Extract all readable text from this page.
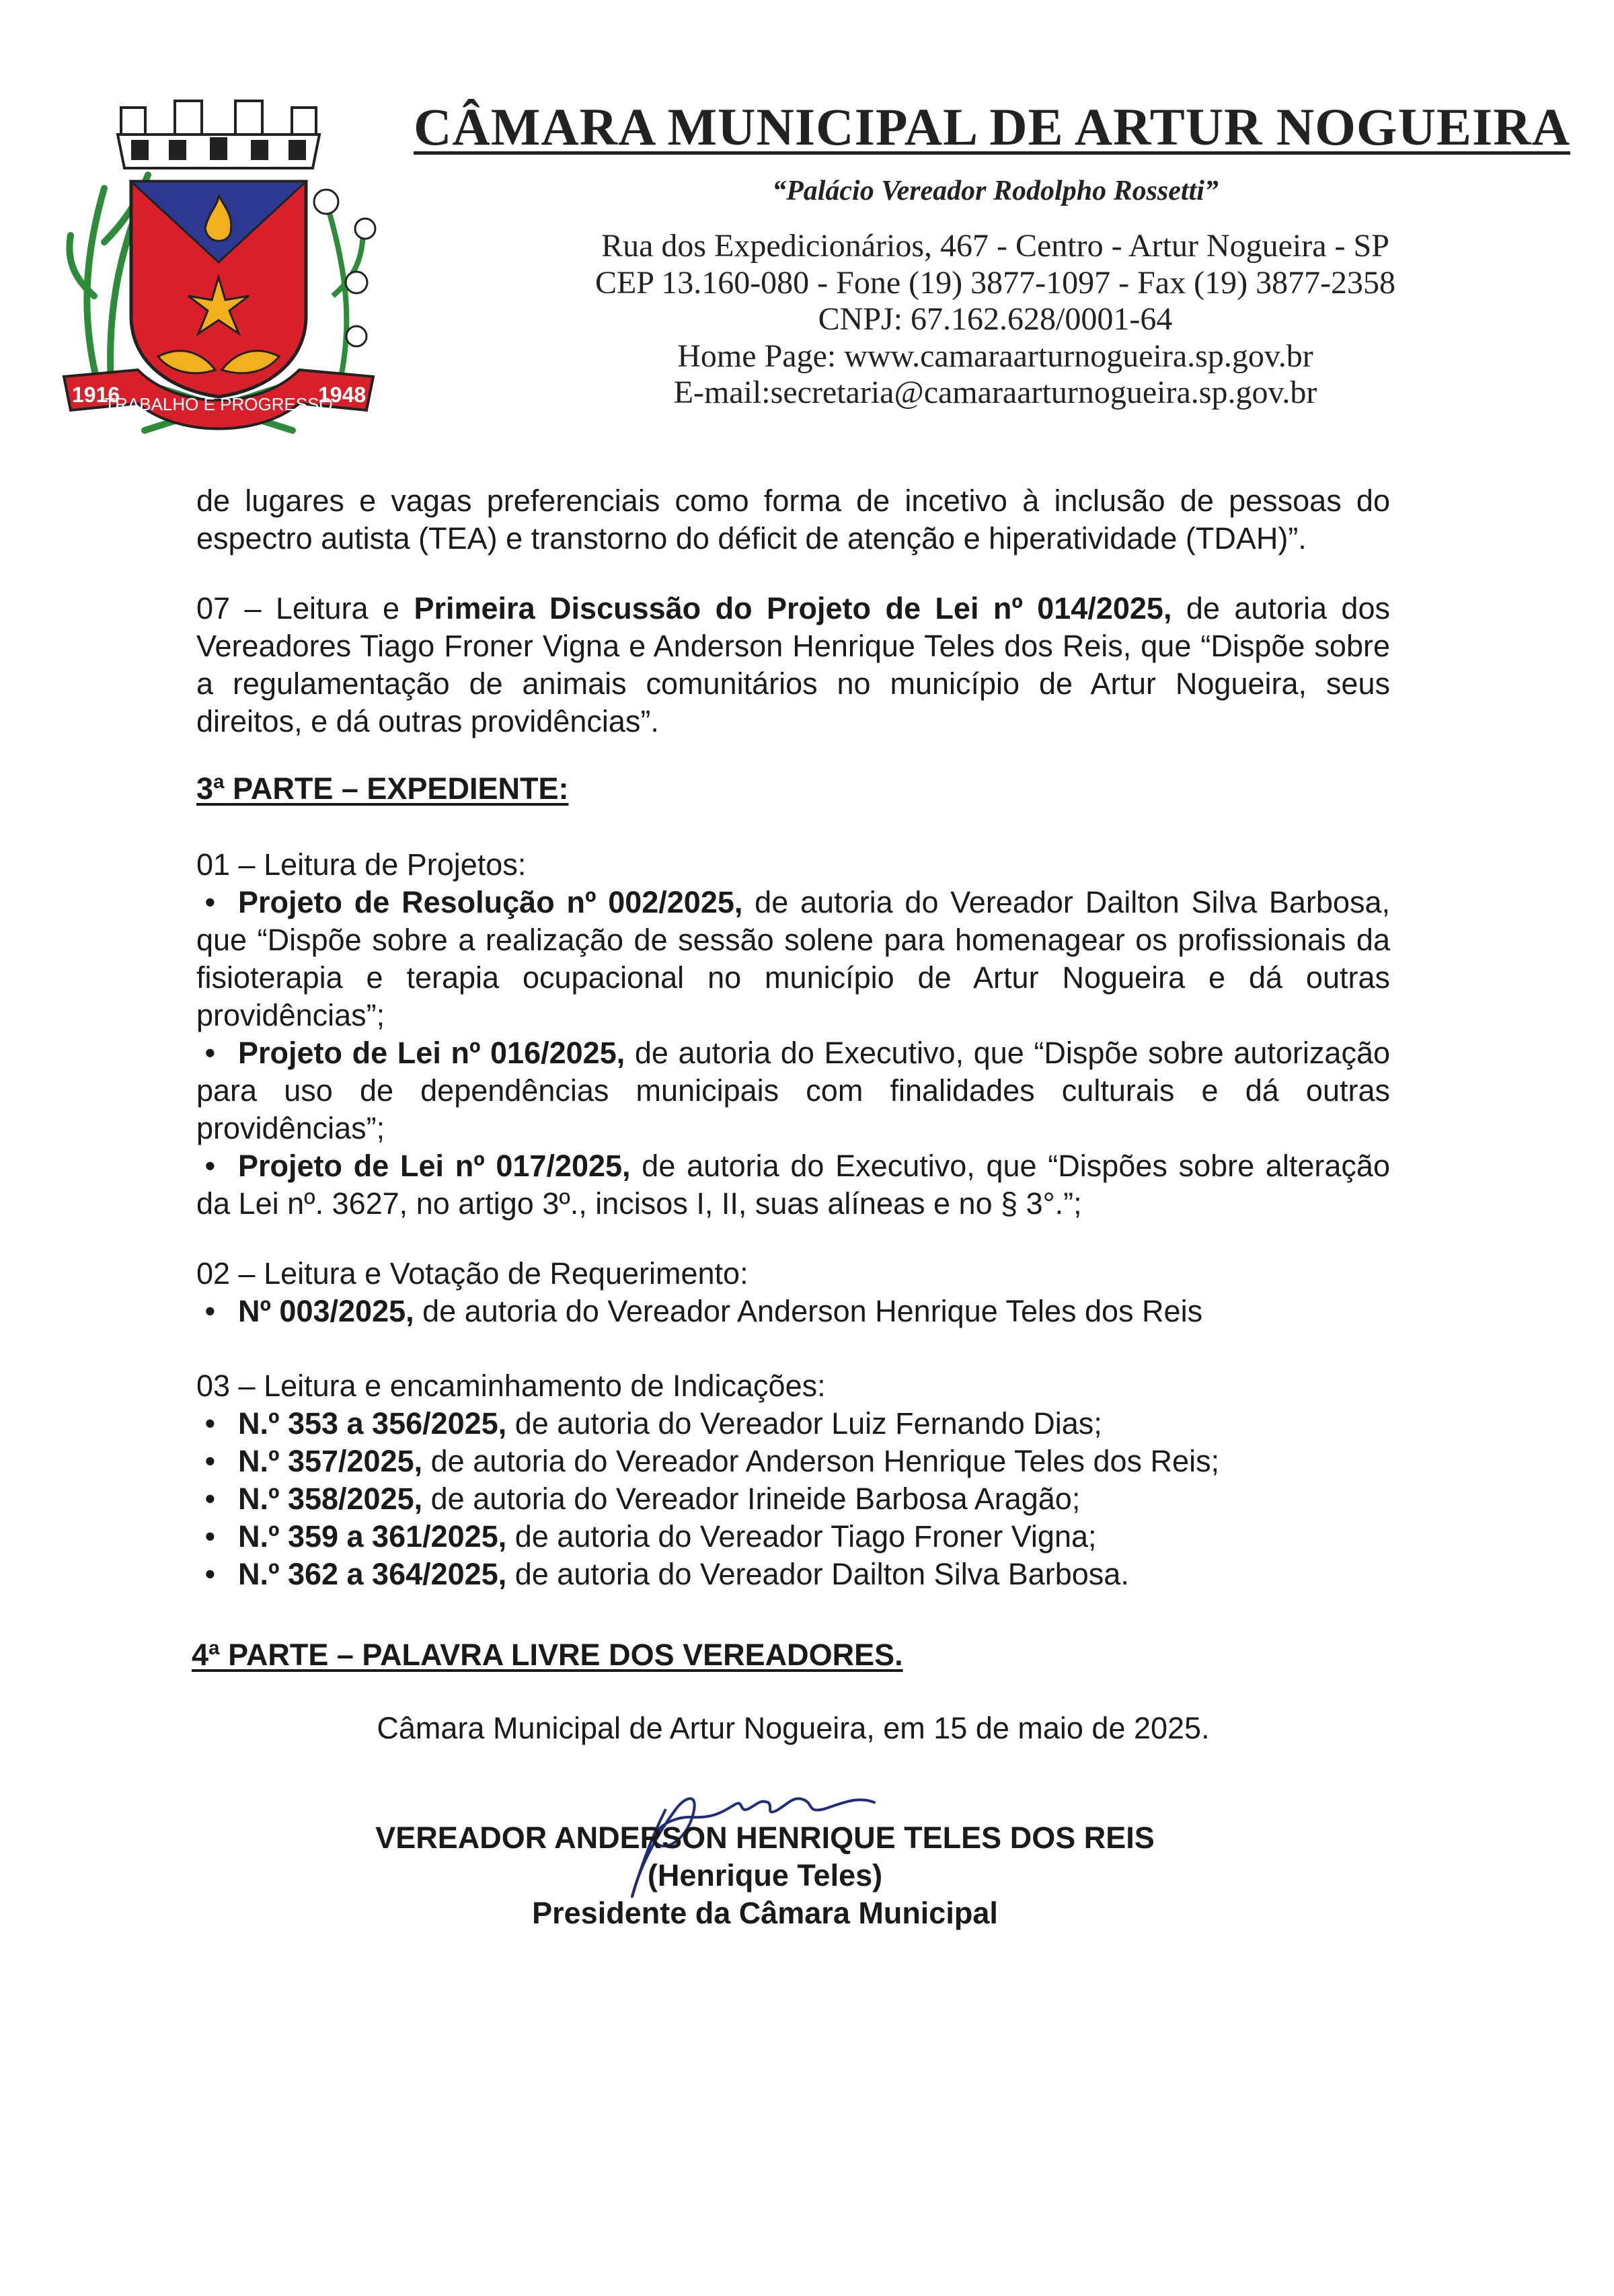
1916
TRABALHO E PROGRESSO
1948
CÂMARA MUNICIPAL DE ARTUR NOGUEIRA
“Palácio Vereador Rodolpho Rossetti”
Rua dos Expedicionários, 467 - Centro - Artur Nogueira - SP
CEP 13.160-080 - Fone (19) 3877-1097 - Fax (19) 3877-2358
CNPJ: 67.162.628/0001-64
Home Page: www.camaraarturnogueira.sp.gov.br
E-mail:secretaria@camaraarturnogueira.sp.gov.br
de lugares e vagas preferenciais como forma de incetivo à inclusão de pessoas do espectro autista (TEA) e transtorno do déficit de atenção e hiperatividade (TDAH)”.
07 – Leitura e Primeira Discussão do Projeto de Lei nº 014/2025, de autoria dos Vereadores Tiago Froner Vigna e Anderson Henrique Teles dos Reis, que “Dispõe sobre a regulamentação de animais comunitários no município de Artur Nogueira, seus direitos, e dá outras providências”.
3ª PARTE – EXPEDIENTE:
01 – Leitura de Projetos:
• Projeto de Resolução nº 002/2025, de autoria do Vereador Dailton Silva Barbosa, que “Dispõe sobre a realização de sessão solene para homenagear os profissionais da fisioterapia e terapia ocupacional no município de Artur Nogueira e dá outras providências”;
• Projeto de Lei nº 016/2025, de autoria do Executivo, que “Dispõe sobre autorização para uso de dependências municipais com finalidades culturais e dá outras providências”;
• Projeto de Lei nº 017/2025, de autoria do Executivo, que “Dispões sobre alteração da Lei nº. 3627, no artigo 3º., incisos I, II, suas alíneas e no § 3°.”;
02 – Leitura e Votação de Requerimento:
• Nº 003/2025, de autoria do Vereador Anderson Henrique Teles dos Reis
03 – Leitura e encaminhamento de Indicações:
• N.º 353 a 356/2025, de autoria do Vereador Luiz Fernando Dias;
• N.º 357/2025, de autoria do Vereador Anderson Henrique Teles dos Reis;
• N.º 358/2025, de autoria do Vereador Irineide Barbosa Aragão;
• N.º 359 a 361/2025, de autoria do Vereador Tiago Froner Vigna;
• N.º 362 a 364/2025, de autoria do Vereador Dailton Silva Barbosa.
4ª PARTE – PALAVRA LIVRE DOS VEREADORES.
Câmara Municipal de Artur Nogueira, em 15 de maio de 2025.
VEREADOR ANDERSON HENRIQUE TELES DOS REIS
(Henrique Teles)
Presidente da Câmara Municipal
